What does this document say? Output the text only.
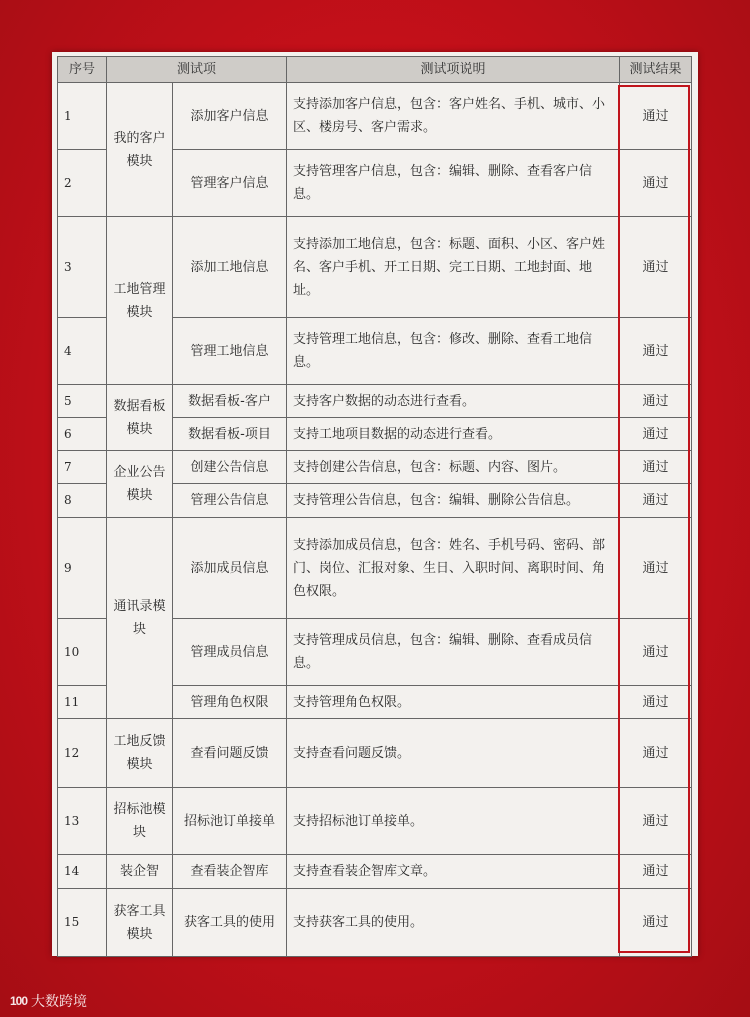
序号	测试项		测试项说明	测试结果
1	我的客户模块	添加客户信息	支持添加客户信息，包含：客户姓名、手机、城市、小区、楼房号、客户需求。	通过
2		管理客户信息	支持管理客户信息，包含：编辑、删除、查看客户信息。	通过
3	工地管理模块	添加工地信息	支持添加工地信息，包含：标题、面积、小区、客户姓名、客户手机、开工日期、完工日期、工地封面、地址。	通过
4		管理工地信息	支持管理工地信息，包含：修改、删除、查看工地信息。	通过
5	数据看板模块	数据看板-客户	支持客户数据的动态进行查看。	通过
6		数据看板-项目	支持工地项目数据的动态进行查看。	通过
7	企业公告模块	创建公告信息	支持创建公告信息，包含：标题、内容、图片。	通过
8		管理公告信息	支持管理公告信息，包含：编辑、删除公告信息。	通过
9	通讯录模块	添加成员信息	支持添加成员信息，包含：姓名、手机号码、密码、部门、岗位、汇报对象、生日、入职时间、离职时间、角色权限。	通过
10		管理成员信息	支持管理成员信息，包含：编辑、删除、查看成员信息。	通过
11		管理角色权限	支持管理角色权限。	通过
12	工地反馈模块	查看问题反馈	支持查看问题反馈。	通过
13	招标池模块	招标池订单接单	支持招标池订单接单。	通过
14	装企智	查看装企智库	支持查看装企智库文章。	通过
15	获客工具模块	获客工具的使用	支持获客工具的使用。	通过
100 大数跨境
